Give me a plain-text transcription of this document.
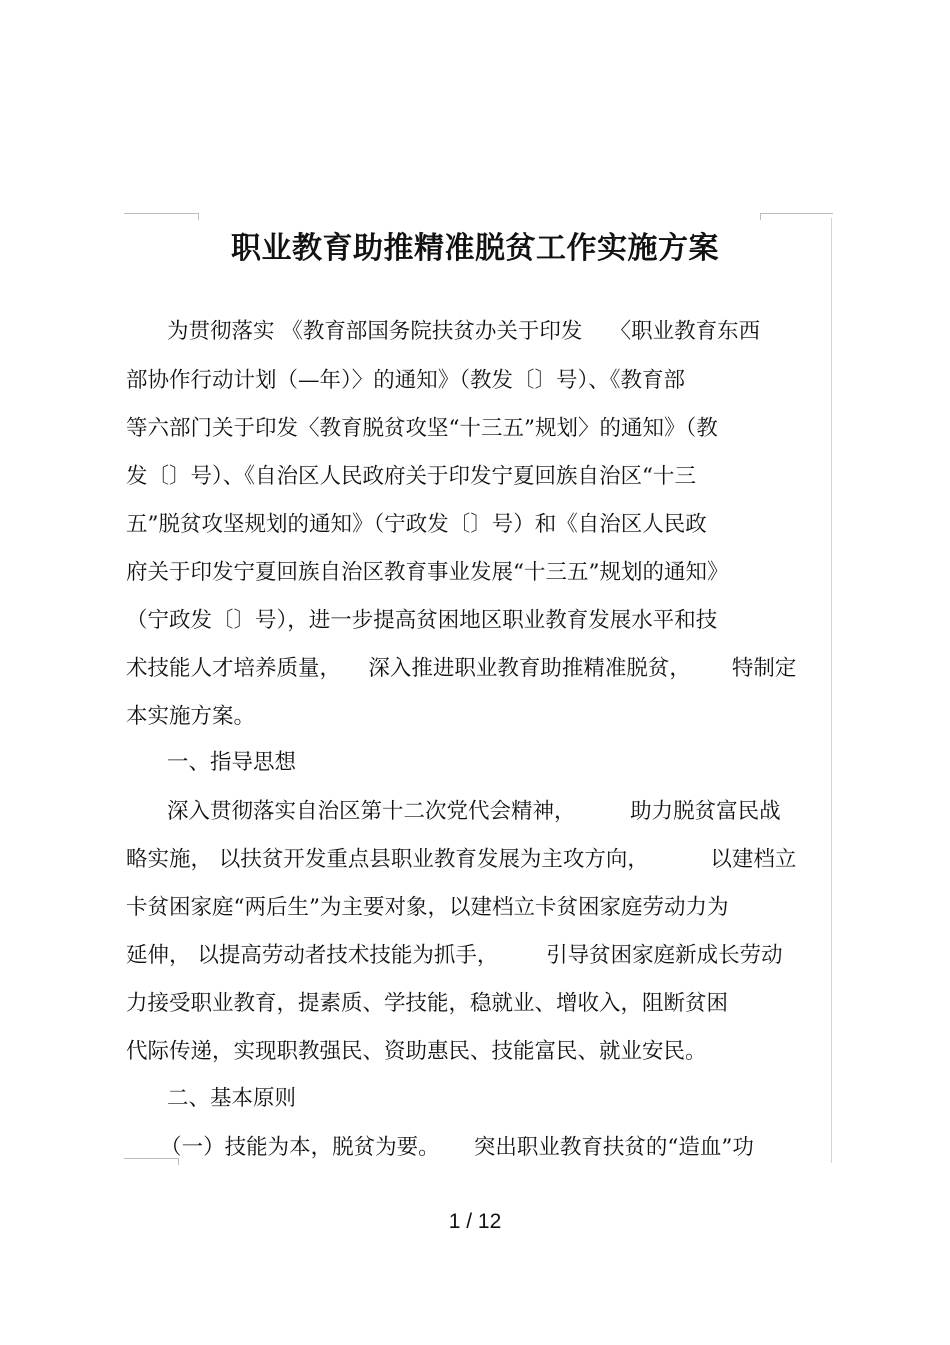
职业教育助推精准脱贫工作实施方案

为贯彻落实 《教育部国务院扶贫办关于印发    〈职业教育东西

部协作行动计划（—年）〉的通知》（教发〔〕号）、《教育部

等六部门关于印发〈教育脱贫攻坚“十三五”规划〉的通知》（教

发〔〕号）、《自治区人民政府关于印发宁夏回族自治区“十三

五”脱贫攻坚规划的通知》（宁政发〔〕号）和《自治区人民政

府关于印发宁夏回族自治区教育事业发展“十三五”规划的通知》

（宁政发〔〕号），进一步提高贫困地区职业教育发展水平和技

术技能人才培养质量，    深入推进职业教育助推精准脱贫，      特制定

本实施方案。

一、指导思想

深入贯彻落实自治区第十二次党代会精神，        助力脱贫富民战

略实施， 以扶贫开发重点县职业教育发展为主攻方向，         以建档立

卡贫困家庭“两后生”为主要对象，以建档立卡贫困家庭劳动力为

延伸， 以提高劳动者技术技能为抓手，       引导贫困家庭新成长劳动

力接受职业教育，提素质、学技能，稳就业、增收入，阻断贫困

代际传递，实现职教强民、资助惠民、技能富民、就业安民。

二、基本原则

（一）技能为本，脱贫为要。     突出职业教育扶贫的“造血”功

1 / 12
